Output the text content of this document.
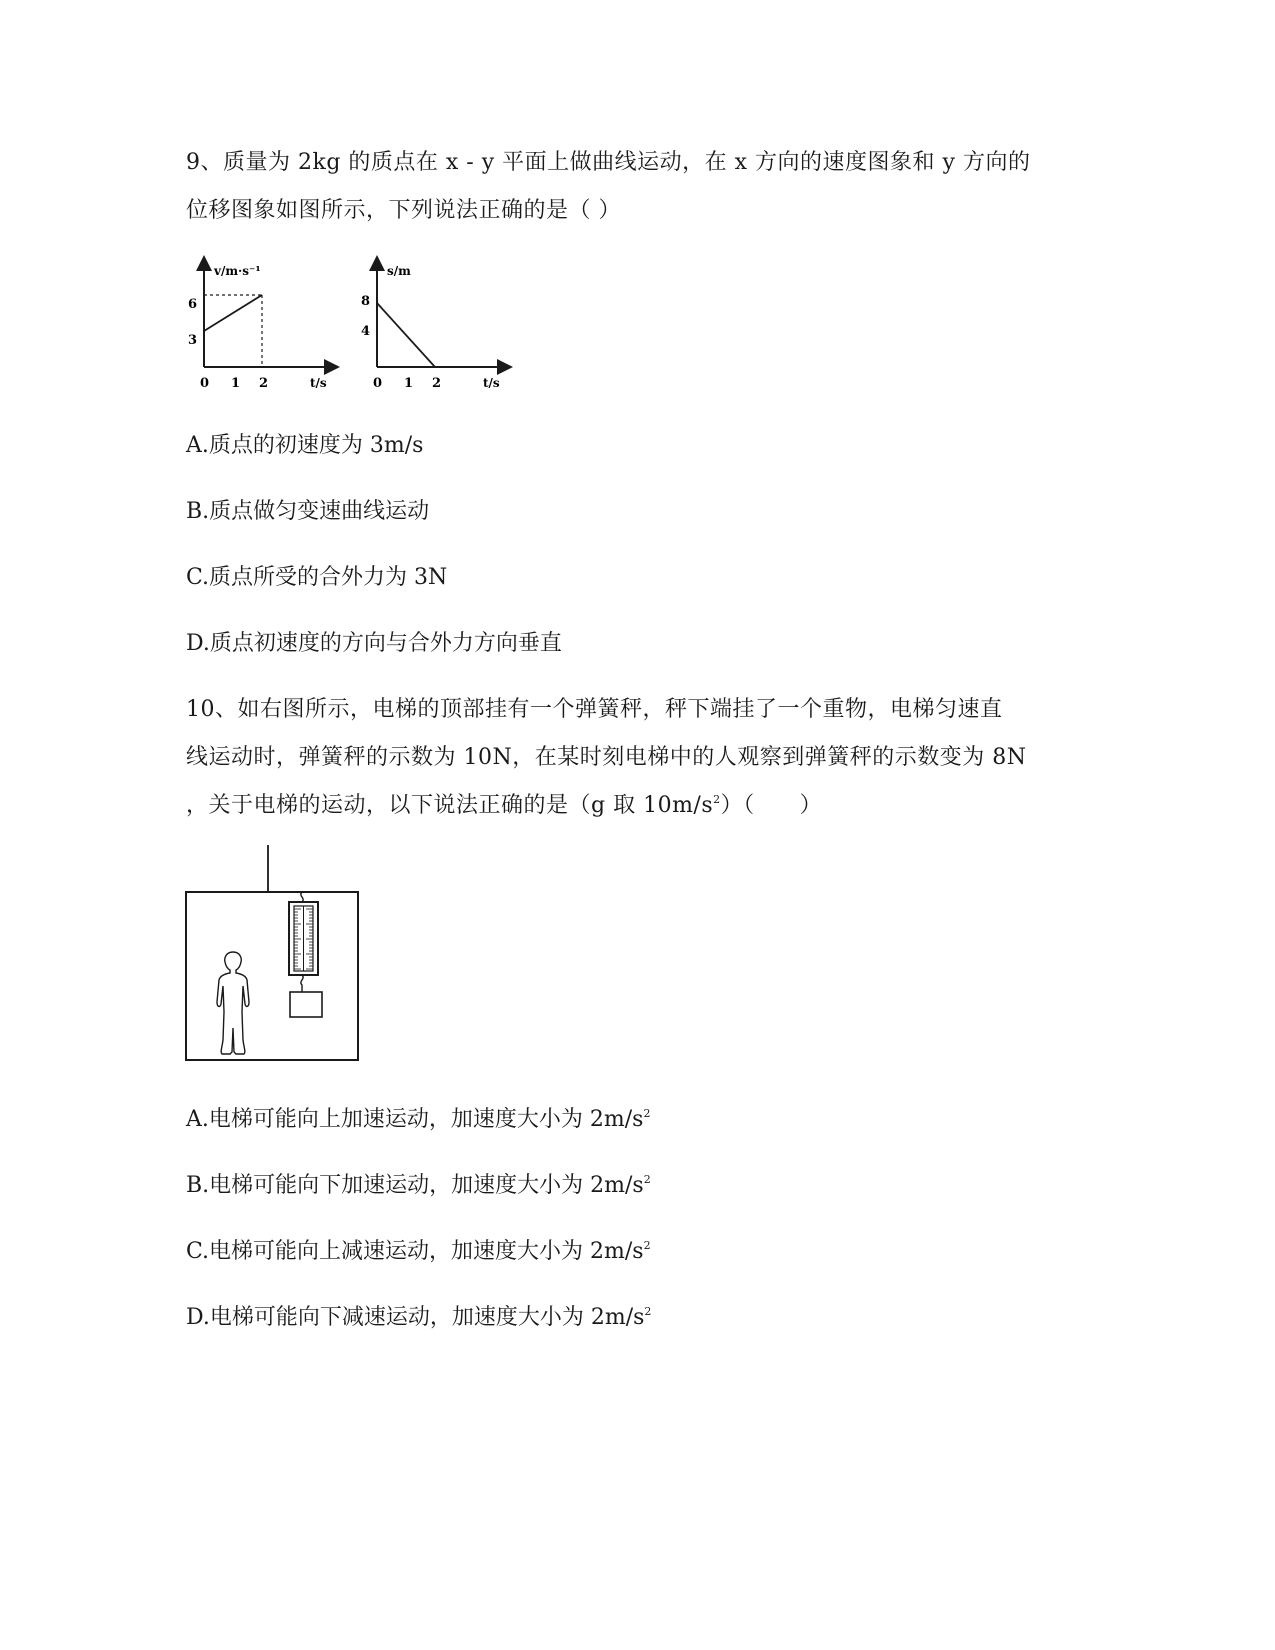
9、质量为 2kg 的质点在 x - y 平面上做曲线运动，在 x 方向的速度图象和 y 方向的
位移图象如图所示，下列说法正确的是（ ）
v/m·s⁻¹
t/s
0 1 2
3
6
s/m
t/s
0 1 2
4
8
A.质点的初速度为 3m/s
B.质点做匀变速曲线运动
C.质点所受的合外力为 3N
D.质点初速度的方向与合外力方向垂直
10、如右图所示，电梯的顶部挂有一个弹簧秤，秤下端挂了一个重物，电梯匀速直
线运动时，弹簧秤的示数为 10N，在某时刻电梯中的人观察到弹簧秤的示数变为 8N
，关于电梯的运动，以下说法正确的是（g 取 $10m/s^2$）（　　）
A.电梯可能向上加速运动，加速度大小为 $2m/s^2$
B.电梯可能向下加速运动，加速度大小为 $2m/s^2$
C.电梯可能向上减速运动，加速度大小为 $2m/s^2$
D.电梯可能向下减速运动，加速度大小为 $2m/s^2$
